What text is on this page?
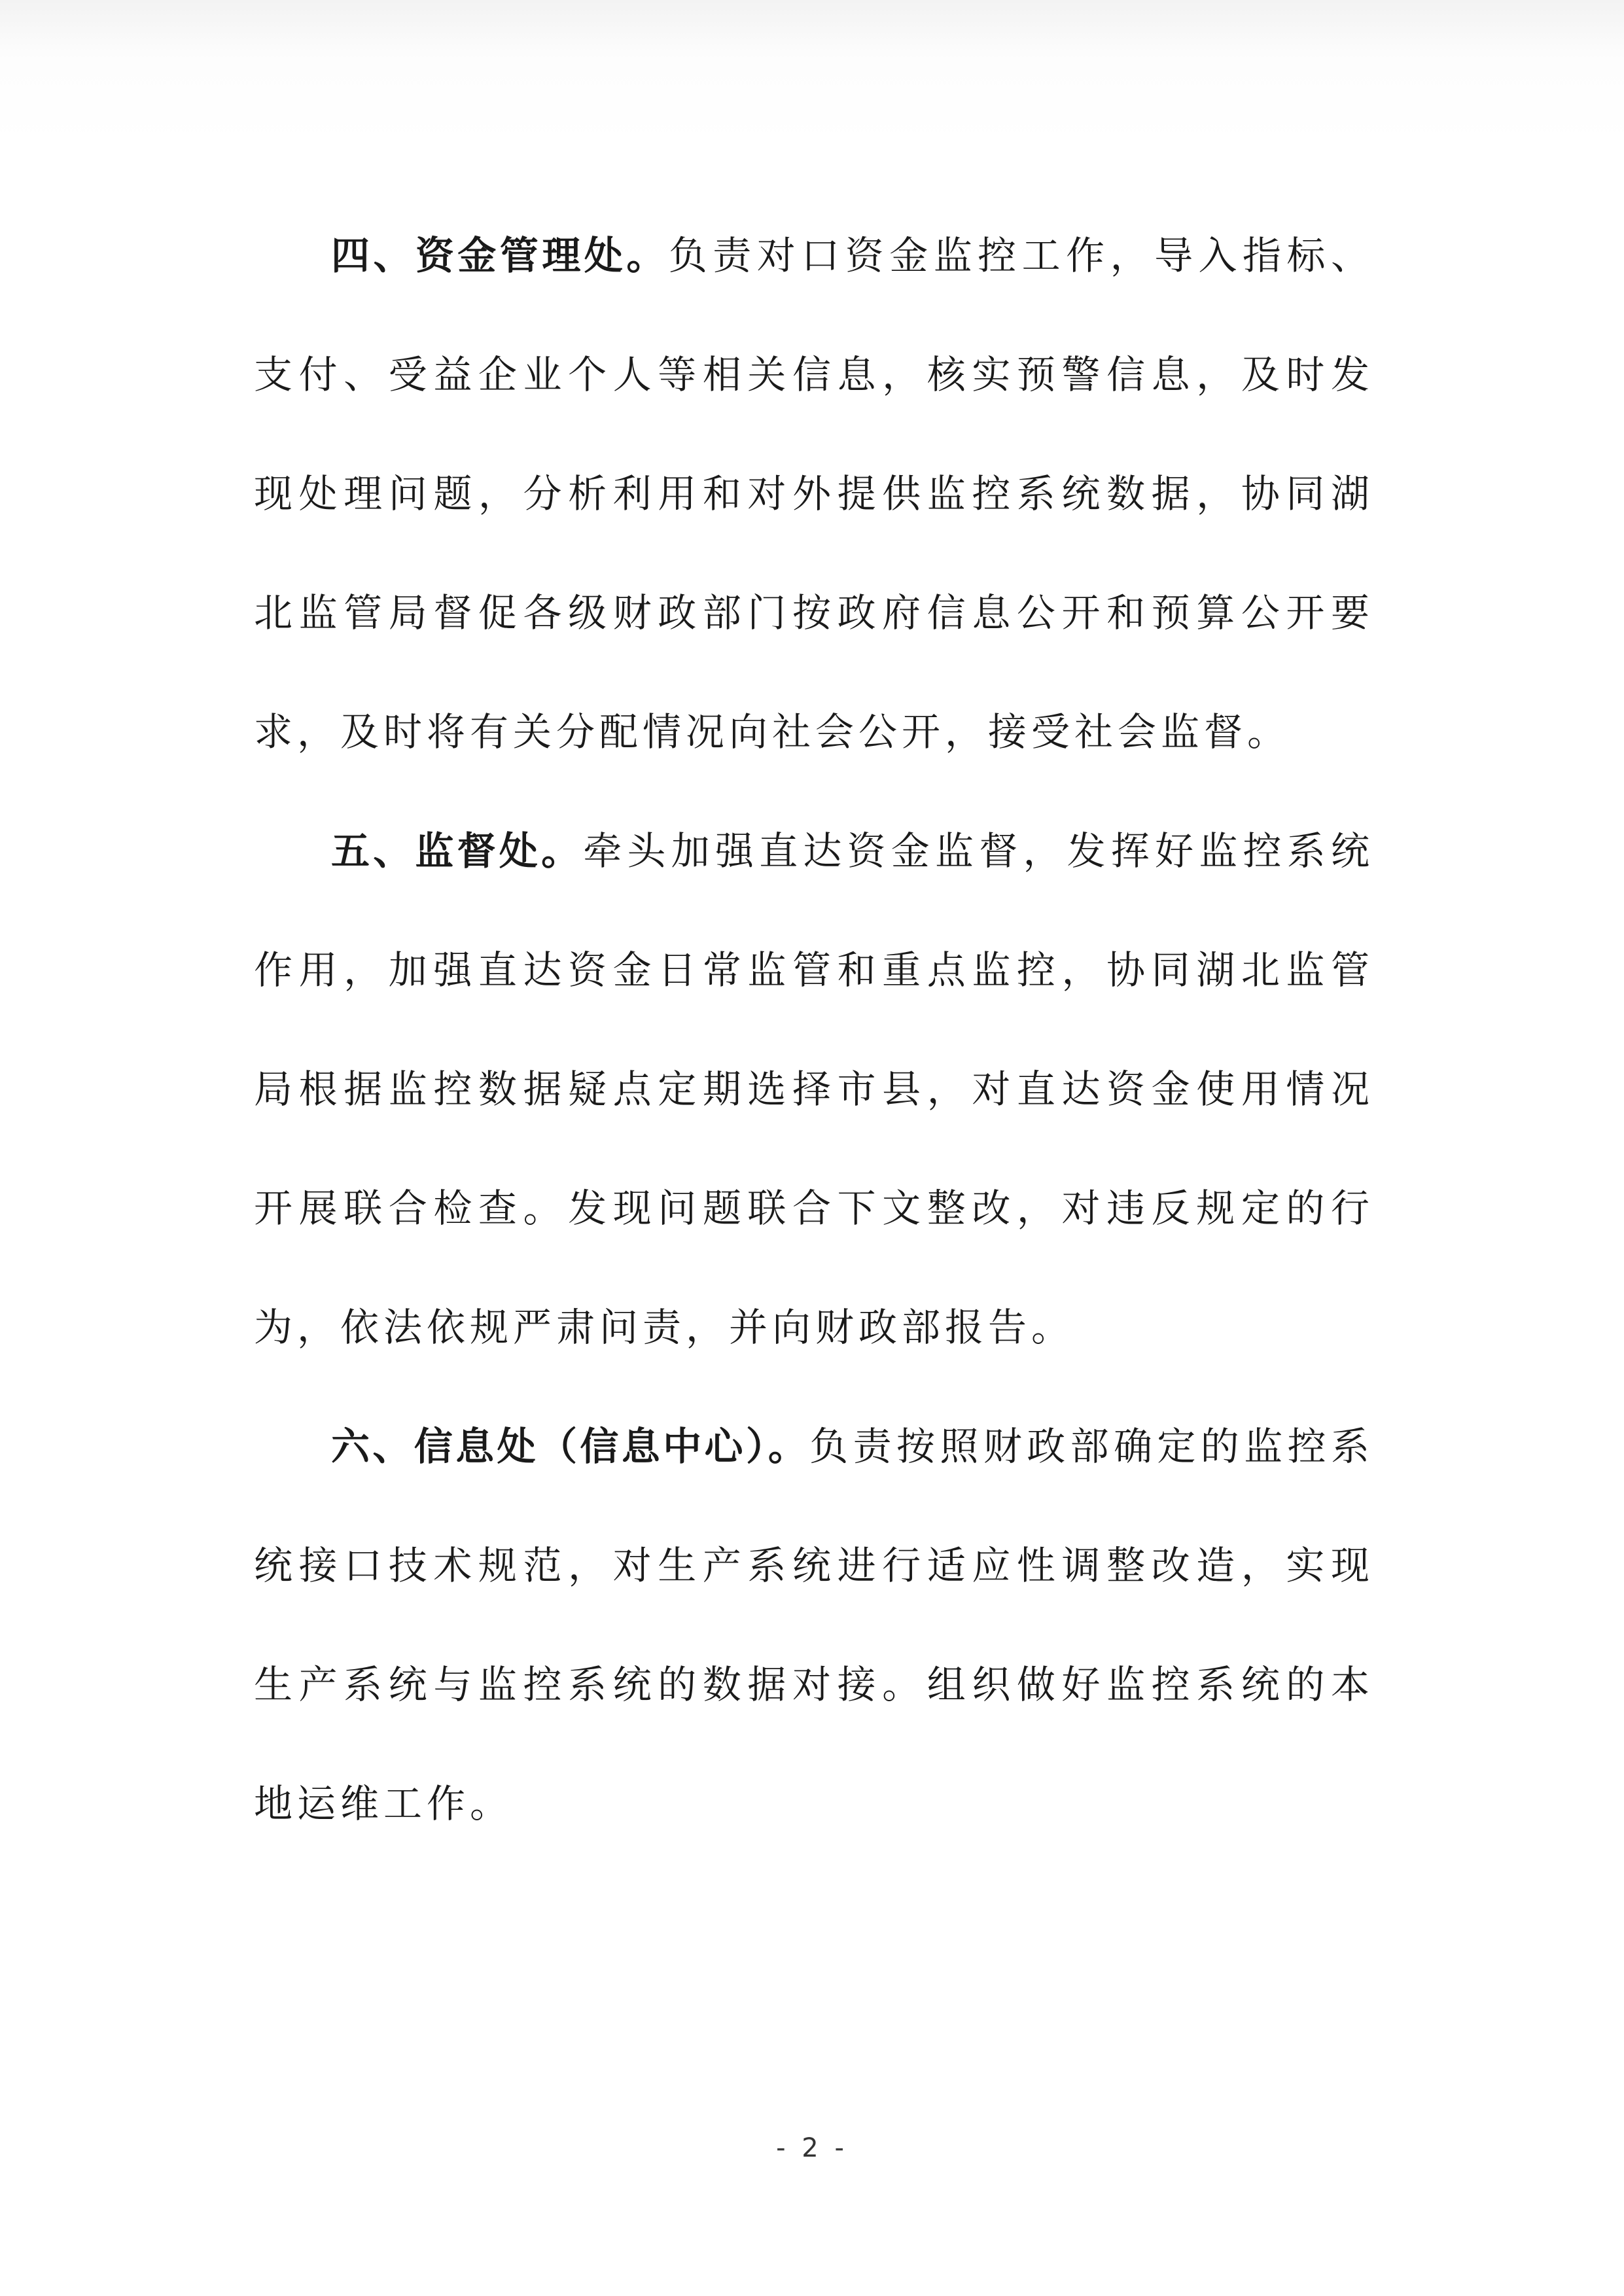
四、资金管理处。负责对口资金监控工作，导入指标、支付、受益企业个人等相关信息，核实预警信息，及时发现处理问题，分析利用和对外提供监控系统数据，协同湖北监管局督促各级财政部门按政府信息公开和预算公开要求，及时将有关分配情况向社会公开，接受社会监督。

五、监督处。牵头加强直达资金监督，发挥好监控系统作用，加强直达资金日常监管和重点监控，协同湖北监管局根据监控数据疑点定期选择市县，对直达资金使用情况开展联合检查。发现问题联合下文整改，对违反规定的行为，依法依规严肃问责，并向财政部报告。

六、信息处（信息中心）。负责按照财政部确定的监控系统接口技术规范，对生产系统进行适应性调整改造，实现生产系统与监控系统的数据对接。组织做好监控系统的本地运维工作。

- 2 -
